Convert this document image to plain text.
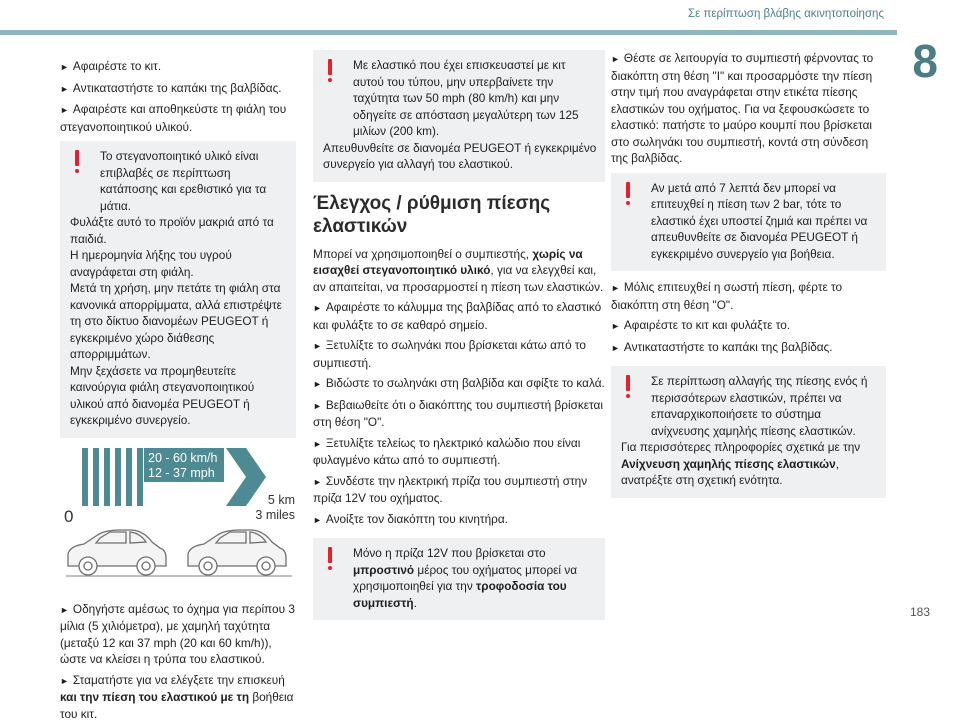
Σε περίπτωση βλάβης ακινητοποίησης
8
183
► Αφαιρέστε το κιτ.
► Αντικαταστήστε το καπάκι της βαλβίδας.
► Αφαιρέστε και αποθηκεύστε τη φιάλη του στεγανοποιητικού υλικού.
Το στεγανοποιητικό υλικό είναι επιβλαβές σε περίπτωση κατάποσης και ερεθιστικό για τα μάτια.
Φυλάξτε αυτό το προϊόν μακριά από τα παιδιά.
Η ημερομηνία λήξης του υγρού αναγράφεται στη φιάλη.
Μετά τη χρήση, μην πετάτε τη φιάλη στα κανονικά απορρίμματα, αλλά επιστρέψτε τη στο δίκτυο διανομέων PEUGEOT ή εγκεκριμένο χώρο διάθεσης απορριμμάτων.
Μην ξεχάσετε να προμηθευτείτε καινούργια φιάλη στεγανοποιητικού υλικού από διανομέα PEUGEOT ή εγκεκριμένο συνεργείο.
20 - 60 km/h
12 - 37 mph
0
5 km
3 miles
► Οδηγήστε αμέσως το όχημα για περίπου 3 μίλια (5 χιλιόμετρα), με χαμηλή ταχύτητα (μεταξύ 12 και 37 mph (20 και 60 km/h)), ώστε να κλείσει η τρύπα του ελαστικού.
► Σταματήστε για να ελέγξετε την επισκευή και την πίεση του ελαστικού με τη βοήθεια του κιτ.
Με ελαστικό που έχει επισκευαστεί με κιτ αυτού του τύπου, μην υπερβαίνετε την ταχύτητα των 50 mph (80 km/h) και μην οδηγείτε σε απόσταση μεγαλύτερη των 125 μιλίων (200 km).
Απευθυνθείτε σε διανομέα PEUGEOT ή εγκεκριμένο συνεργείο για αλλαγή του ελαστικού.
Έλεγχος / ρύθμιση πίεσης ελαστικών
Μπορεί να χρησιμοποιηθεί ο συμπιεστής, χωρίς να εισαχθεί στεγανοποιητικό υλικό, για να ελεγχθεί και, αν απαιτείται, να προσαρμοστεί η πίεση των ελαστικών.
► Αφαιρέστε το κάλυμμα της βαλβίδας από το ελαστικό και φυλάξτε το σε καθαρό σημείο.
► Ξετυλίξτε το σωληνάκι που βρίσκεται κάτω από το συμπιεστή.
► Βιδώστε το σωληνάκι στη βαλβίδα και σφίξτε το καλά.
► Βεβαιωθείτε ότι ο διακόπτης του συμπιεστή βρίσκεται στη θέση "O".
► Ξετυλίξτε τελείως το ηλεκτρικό καλώδιο που είναι φυλαγμένο κάτω από το συμπιεστή.
► Συνδέστε την ηλεκτρική πρίζα του συμπιεστή στην πρίζα 12V του οχήματος.
► Ανοίξτε τον διακόπτη του κινητήρα.
Μόνο η πρίζα 12V που βρίσκεται στο μπροστινό μέρος του οχήματος μπορεί να χρησιμοποιηθεί για την τροφοδοσία του συμπιεστή.
► Θέστε σε λειτουργία το συμπιεστή φέρνοντας το διακόπτη στη θέση "I" και προσαρμόστε την πίεση στην τιμή που αναγράφεται στην ετικέτα πίεσης ελαστικών του οχήματος. Για να ξεφουσκώσετε το ελαστικό: πατήστε το μαύρο κουμπί που βρίσκεται στο σωληνάκι του συμπιεστή, κοντά στη σύνδεση της βαλβίδας.
Αν μετά από 7 λεπτά δεν μπορεί να επιτευχθεί η πίεση των 2 bar, τότε το ελαστικό έχει υποστεί ζημιά και πρέπει να απευθυνθείτε σε διανομέα PEUGEOT ή εγκεκριμένο συνεργείο για βοήθεια.
► Μόλις επιτευχθεί η σωστή πίεση, φέρτε το διακόπτη στη θέση "O".
► Αφαιρέστε το κιτ και φυλάξτε το.
► Αντικαταστήστε το καπάκι της βαλβίδας.
Σε περίπτωση αλλαγής της πίεσης ενός ή περισσότερων ελαστικών, πρέπει να επαναρχικοποιήσετε το σύστημα ανίχνευσης χαμηλής πίεσης ελαστικών.
Για περισσότερες πληροφορίες σχετικά με την Ανίχνευση χαμηλής πίεσης ελαστικών, ανατρέξτε στη σχετική ενότητα.
